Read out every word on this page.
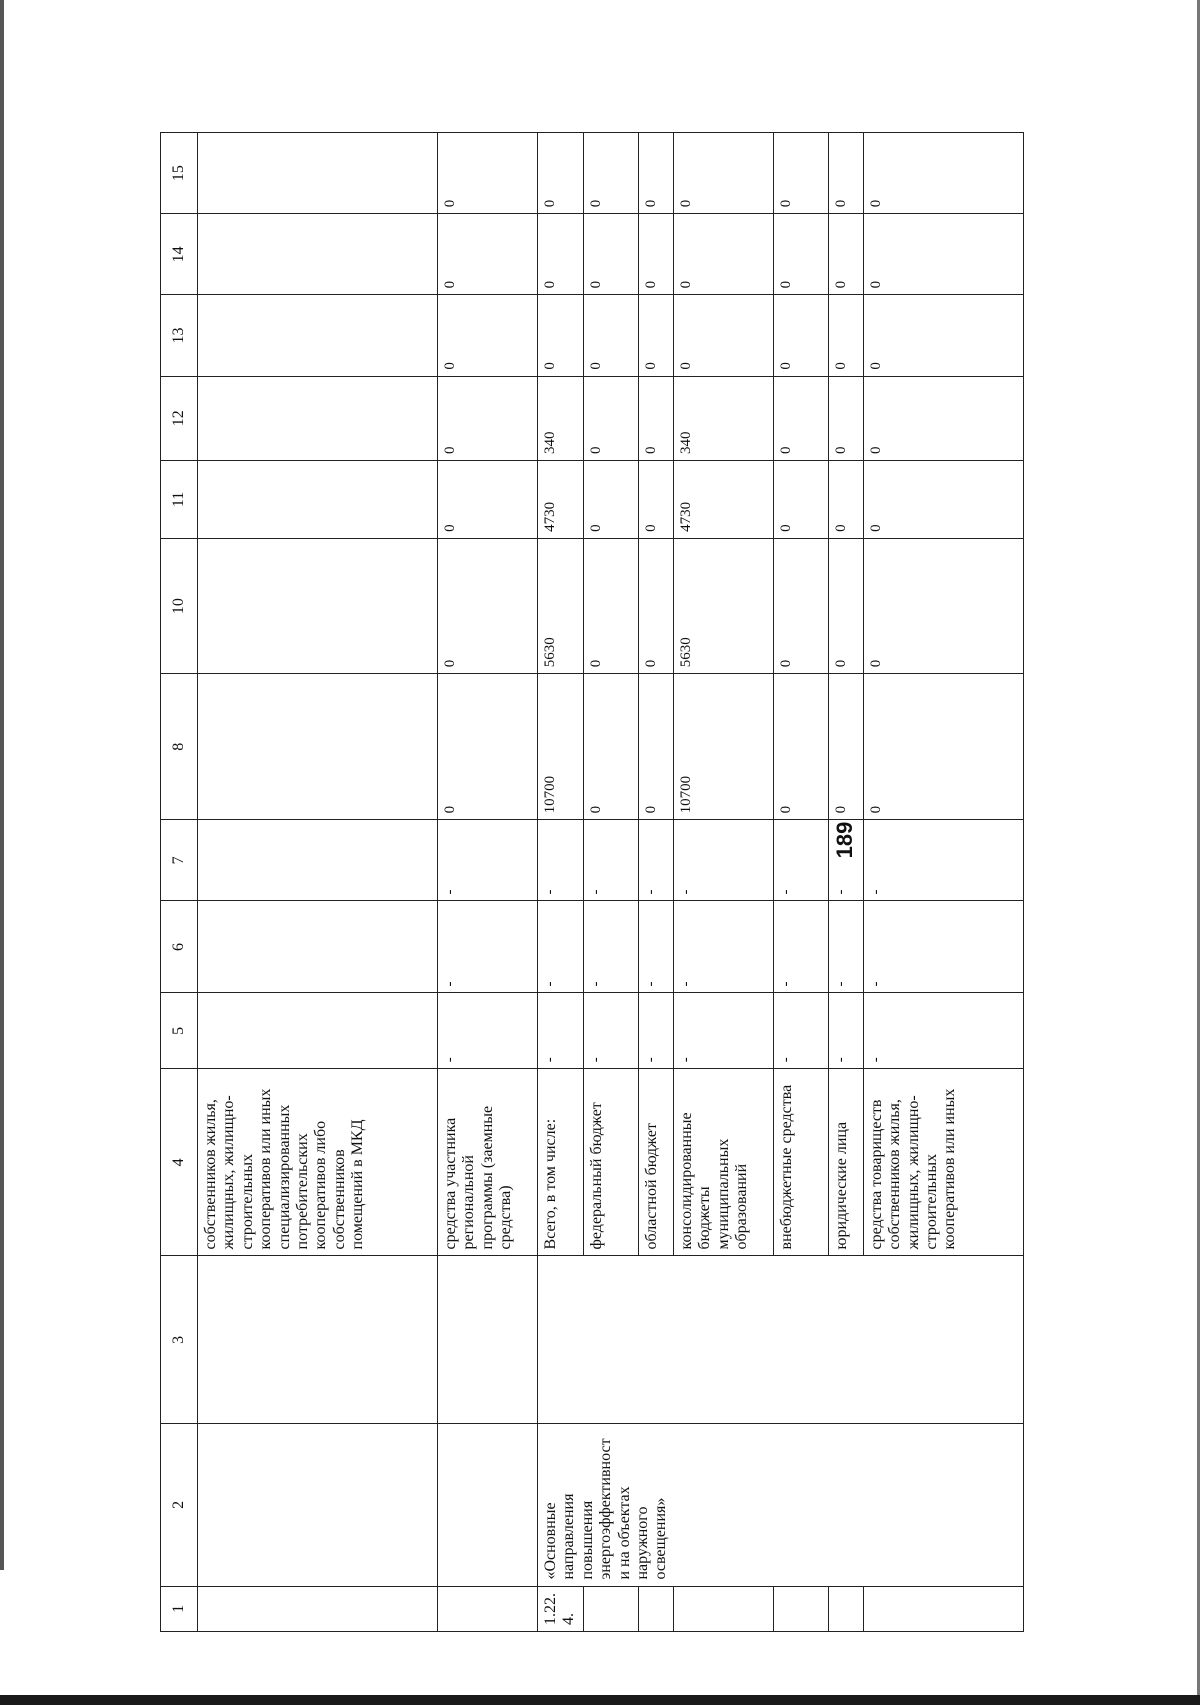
189
1	2	3	4	5	6	7	8	10	11	12	13	14	15
			собственников жилья, жилищных, жилищно-строительных кооперативов или иных специализированных потребительских кооперативов либо собственников помещений в МКД										
			средства участника региональной программы (заемные средства)	-	-	-	0	0	0	0	0	0	0
1.22.4.	«Основные направления повышения энергоэффективности на объектах наружного освещения»		Всего, в том числе:	-	-	-	10700	5630	4730	340	0	0	0
			федеральный бюджет	-	-	-	0	0	0	0	0	0	0
			областной бюджет	-	-	-	0	0	0	0	0	0	0
			консолидированные бюджеты муниципальных образований	-	-	-	10700	5630	4730	340	0	0	0
			внебюджетные средства	-	-	-	0	0	0	0	0	0	0
			юридические лица	-	-	-	0	0	0	0	0	0	0
			средства товариществ собственников жилья, жилищных, жилищно-строительных кооперативов или иных	-	-	-	0	0	0	0	0	0	0
